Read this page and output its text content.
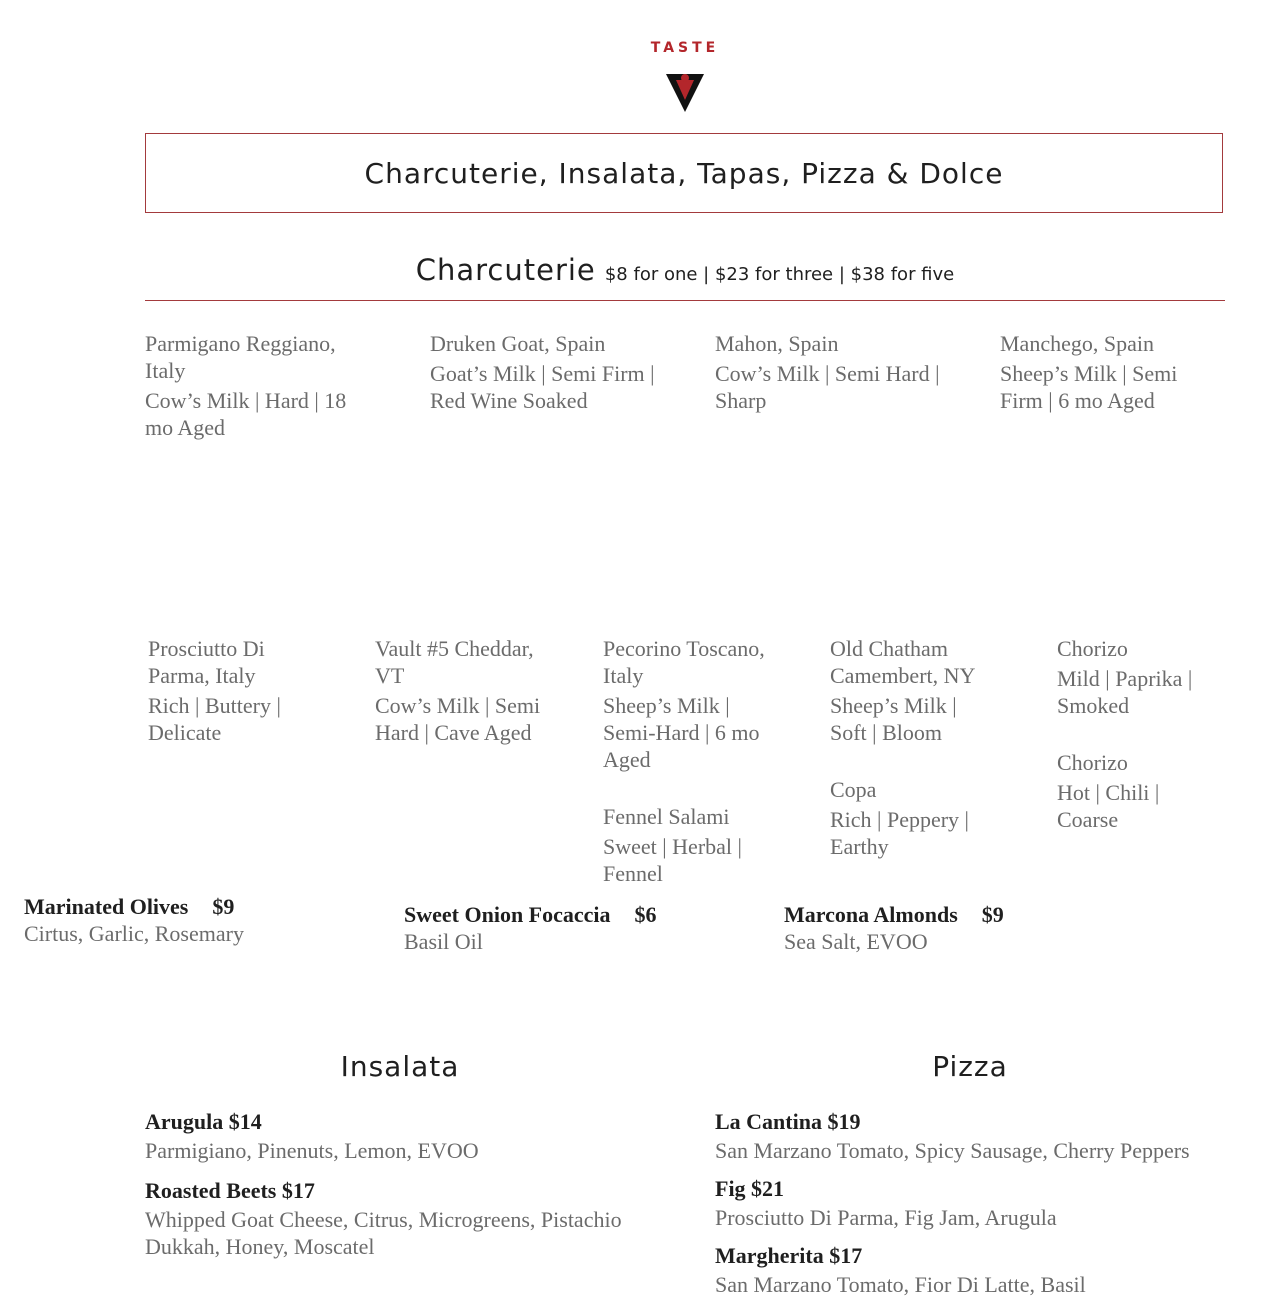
TASTE
Charcuterie, Insalata, Tapas, Pizza & Dolce
Charcuterie $8 for one | $23 for three | $38 for five
Parmigano Reggiano, Italy
Cow’s Milk | Hard | 18 mo Aged
Druken Goat, Spain
Goat’s Milk | Semi Firm | Red Wine Soaked
Mahon, Spain
Cow’s Milk | Semi Hard | Sharp
Manchego, Spain
Sheep’s Milk | Semi Firm | 6 mo Aged
Prosciutto Di Parma, Italy
Rich | Buttery | Delicate
Vault #5 Cheddar, VT
Cow’s Milk | Semi Hard | Cave Aged
Pecorino Toscano, Italy
Sheep’s Milk | Semi-Hard | 6 mo Aged
Fennel Salami
Sweet | Herbal | Fennel
Old Chatham Camembert, NY
Sheep’s Milk | Soft | Bloom
Copa
Rich | Peppery | Earthy
Chorizo
Mild | Paprika | Smoked
Chorizo
Hot | Chili | Coarse
Marinated Olives $9
Cirtus, Garlic, Rosemary
Sweet Onion Focaccia $6
Basil Oil
Marcona Almonds $9
Sea Salt, EVOO
Insalata
Arugula $14
Parmigiano, Pinenuts, Lemon, EVOO
Roasted Beets $17
Whipped Goat Cheese, Citrus, Microgreens, Pistachio Dukkah, Honey, Moscatel
Pizza
La Cantina $19
San Marzano Tomato, Spicy Sausage, Cherry Peppers
Fig $21
Prosciutto Di Parma, Fig Jam, Arugula
Margherita $17
San Marzano Tomato, Fior Di Latte, Basil
